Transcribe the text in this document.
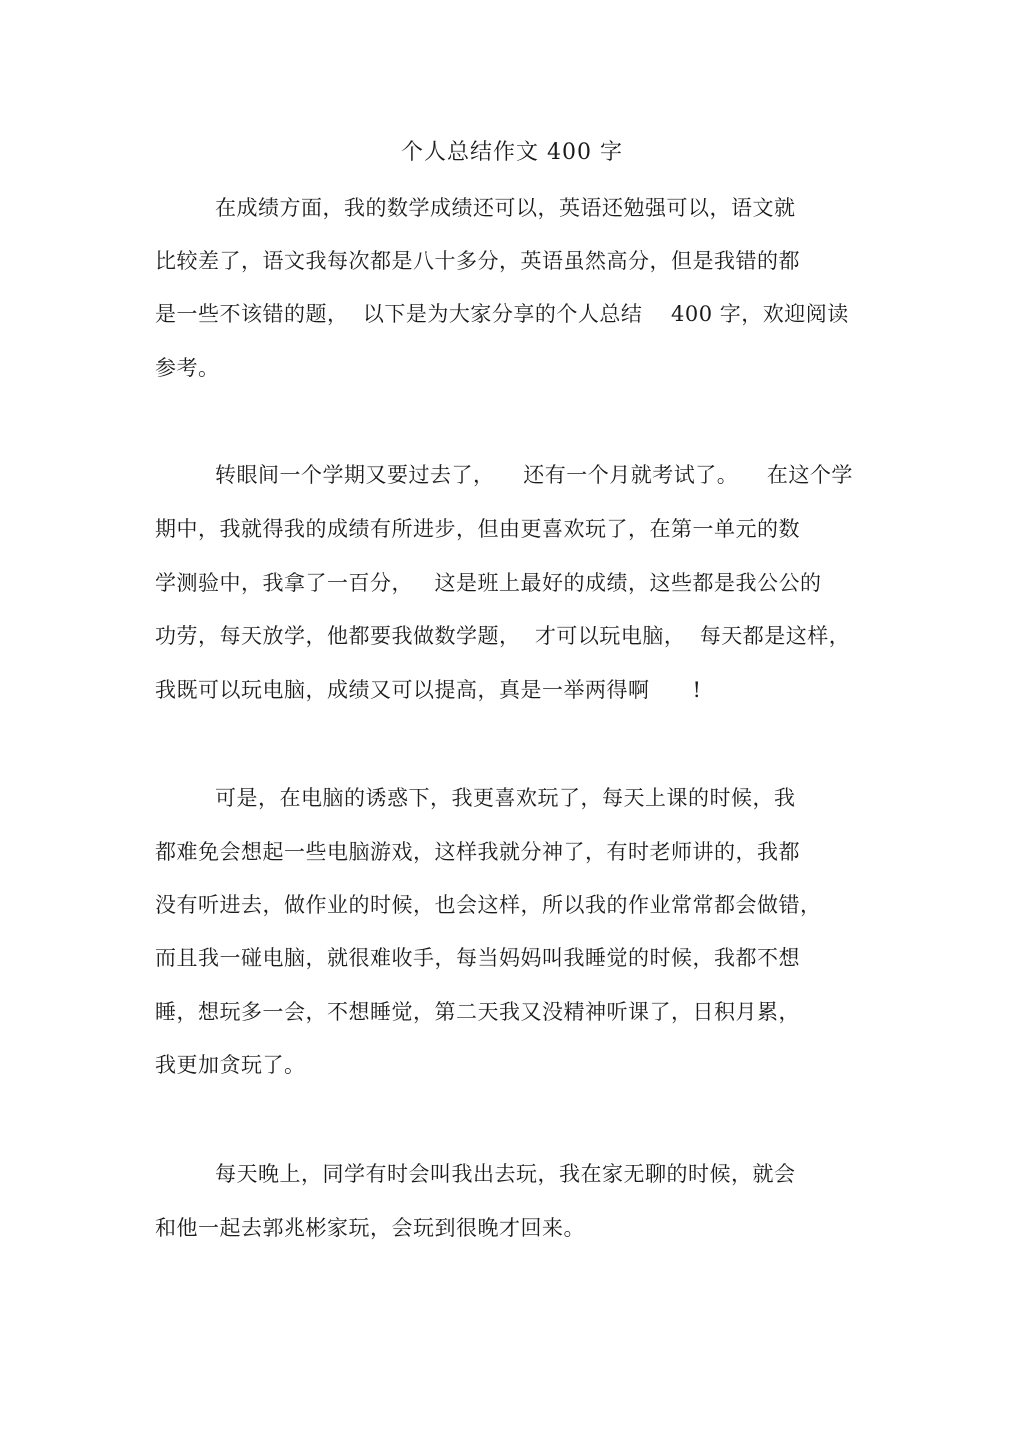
个人总结作文 400 字
在成绩方面，我的数学成绩还可以，英语还勉强可以，语文就
比较差了，语文我每次都是八十多分，英语虽然高分，但是我错的都
是一些不该错的题，  以下是为大家分享的个人总结    400 字，欢迎阅读
参考。
转眼间一个学期又要过去了，    还有一个月就考试了。    在这个学
期中，我就得我的成绩有所进步，但由更喜欢玩了，在第一单元的数
学测验中，我拿了一百分，   这是班上最好的成绩，这些都是我公公的
功劳，每天放学，他都要我做数学题，  才可以玩电脑，  每天都是这样，
我既可以玩电脑，成绩又可以提高，真是一举两得啊      !
可是，在电脑的诱惑下，我更喜欢玩了，每天上课的时候，我
都难免会想起一些电脑游戏，这样我就分神了，有时老师讲的，我都
没有听进去，做作业的时候，也会这样，所以我的作业常常都会做错，
而且我一碰电脑，就很难收手，每当妈妈叫我睡觉的时候，我都不想
睡，想玩多一会，不想睡觉，第二天我又没精神听课了，日积月累，
我更加贪玩了。
每天晚上，同学有时会叫我出去玩，我在家无聊的时候，就会
和他一起去郭兆彬家玩，会玩到很晚才回来。
